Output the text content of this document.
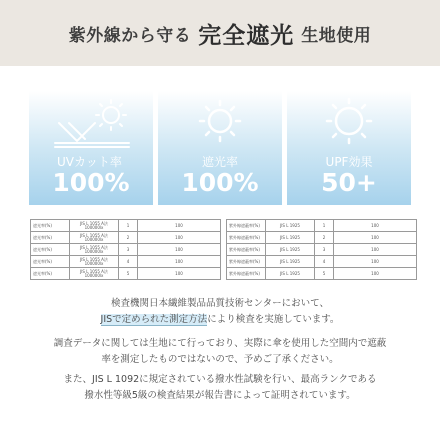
紫外線から守る 完全遮光 生地使用
UVカット率
100%
遮光率
100%
UPF効果
50+
遮光率(%)	JIS L 1055 A法 100000lx	1	100
遮光率(%)	JIS L 1055 A法 100000lx	2	100
遮光率(%)	JIS L 1055 A法 100000lx	3	100
遮光率(%)	JIS L 1055 A法 100000lx	4	100
遮光率(%)	JIS L 1055 A法 100000lx	5	100
紫外線遮蔽率(%)	JIS L 1925	1	100
紫外線遮蔽率(%)	JIS L 1925	2	100
紫外線遮蔽率(%)	JIS L 1925	3	100
紫外線遮蔽率(%)	JIS L 1925	4	100
紫外線遮蔽率(%)	JIS L 1925	5	100
検査機関日本繊維製品品質技術センターにおいて、
JISで定められた測定方法により検査を実施しています。
調査データに関しては生地にて行っており、実際に傘を使用した空間内で遮蔽
率を測定したものではないので、予めご了承ください。
また、JIS L 1092に規定されている撥水性試験を行い、最高ランクである
撥水性等級5級の検査結果が報告書によって証明されています。
